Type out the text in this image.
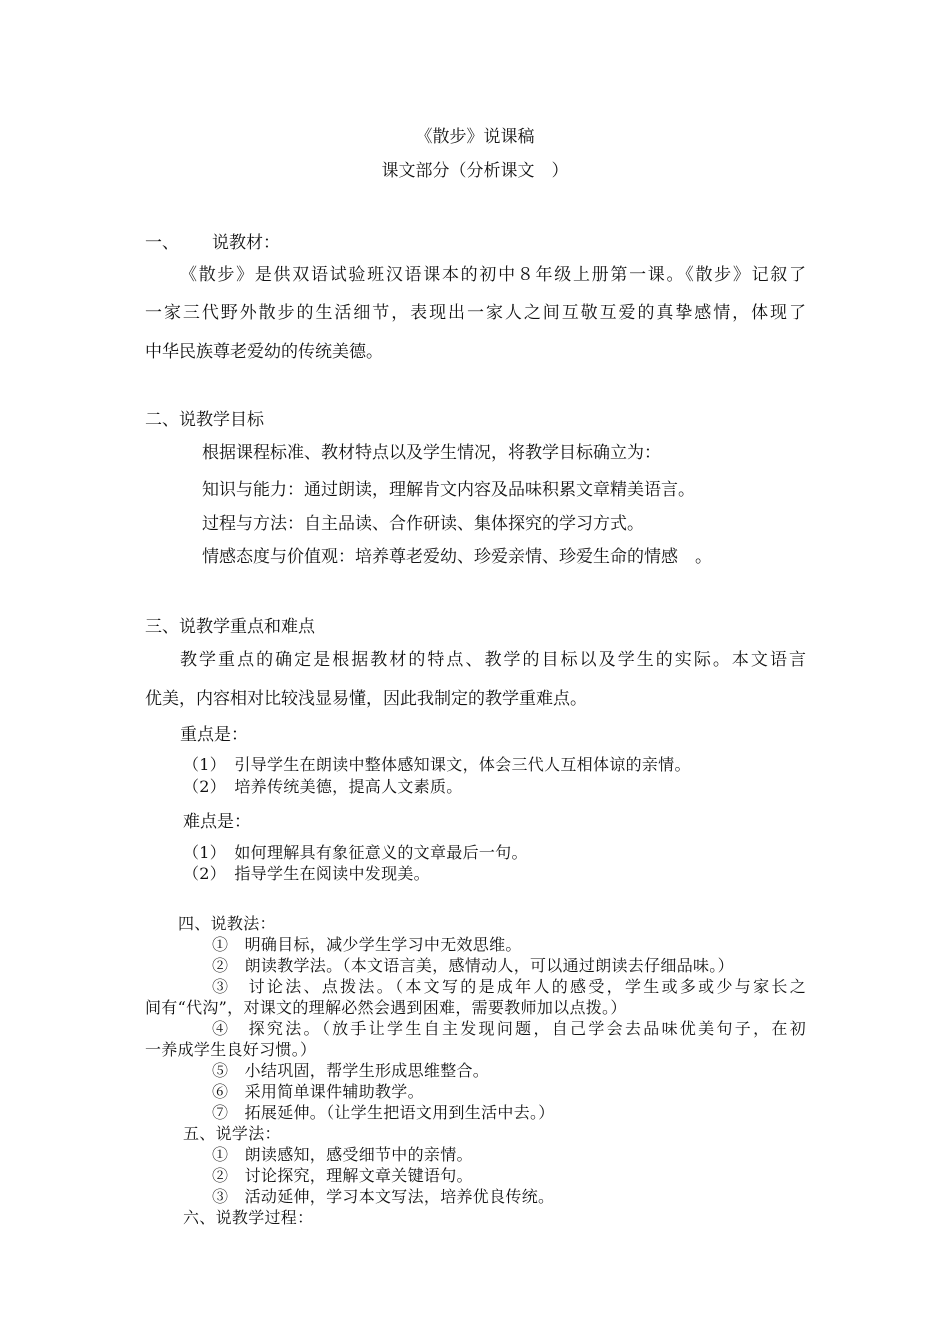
《散步》说课稿
课文部分（分析课文　）
一、 说教材：
《散步》是供双语试验班汉语课本的初中８年级上册第一课。《散步》记叙了
一家三代野外散步的生活细节，表现出一家人之间互敬互爱的真挚感情，体现了
中华民族尊老爱幼的传统美德。
二、说教学目标
根据课程标准、教材特点以及学生情况，将教学目标确立为：
知识与能力：通过朗读，理解肯文内容及品味积累文章精美语言。
过程与方法：自主品读、合作研读、集体探究的学习方式。
情感态度与价值观：培养尊老爱幼、珍爱亲情、珍爱生命的情感　。
三、说教学重点和难点
教学重点的确定是根据教材的特点、教学的目标以及学生的实际。本文语言
优美，内容相对比较浅显易懂，因此我制定的教学重难点。
重点是：
（1）　引导学生在朗读中整体感知课文，体会三代人互相体谅的亲情。
（2）　培养传统美德，提高人文素质。
难点是：
（1）　如何理解具有象征意义的文章最后一句。
（2）　指导学生在阅读中发现美。
四、说教法：
①　明确目标，减少学生学习中无效思维。
②　朗读教学法。（本文语言美，感情动人，可以通过朗读去仔细品味。）
③　讨论法、点拨法。（本文写的是成年人的感受，学生或多或少与家长之
间有“代沟”，对课文的理解必然会遇到困难，需要教师加以点拨。）
④　探究法。（放手让学生自主发现问题，自己学会去品味优美句子，在初
一养成学生良好习惯。）
⑤　小结巩固，帮学生形成思维整合。
⑥　采用简单课件辅助教学。
⑦　拓展延伸。（让学生把语文用到生活中去。）
五、说学法：
①　朗读感知，感受细节中的亲情。
②　讨论探究，理解文章关键语句。
③　活动延伸，学习本文写法，培养优良传统。
六、说教学过程：
